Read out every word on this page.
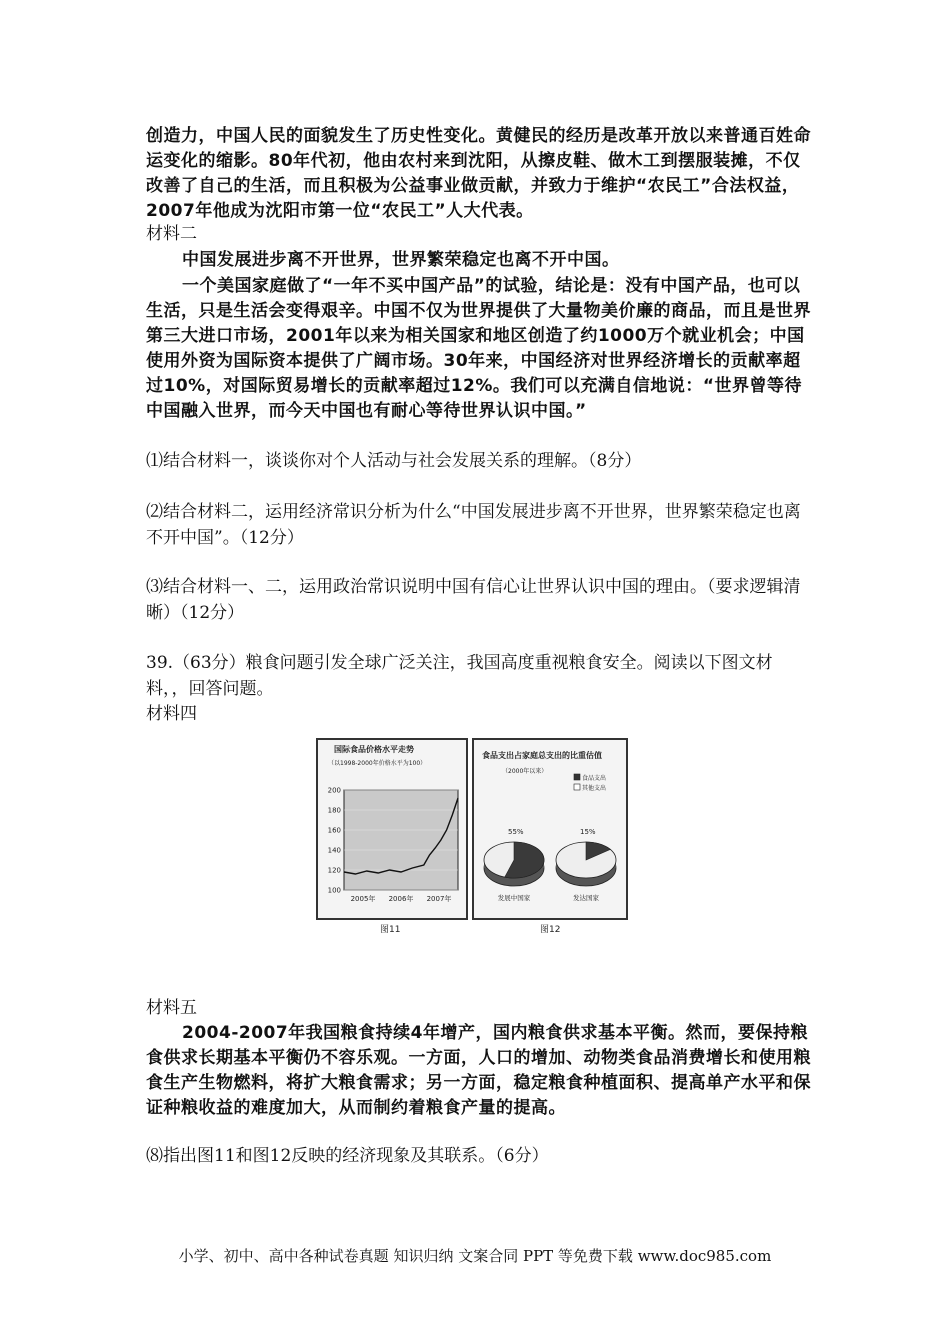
创造力，中国人民的面貌发生了历史性变化。黄健民的经历是改革开放以来普通百姓命运变化的缩影。80年代初，他由农村来到沈阳，从擦皮鞋、做木工到摆服装摊，不仅改善了自己的生活，而且积极为公益事业做贡献，并致力于维护“农民工”合法权益，2007年他成为沈阳市第一位“农民工”人大代表。

材料二

中国发展进步离不开世界，世界繁荣稳定也离不开中国。

一个美国家庭做了“一年不买中国产品”的试验，结论是：没有中国产品，也可以生活，只是生活会变得艰辛。中国不仅为世界提供了大量物美价廉的商品，而且是世界第三大进口市场，2001年以来为相关国家和地区创造了约1000万个就业机会；中国使用外资为国际资本提供了广阔市场。30年来，中国经济对世界经济增长的贡献率超过10%，对国际贸易增长的贡献率超过12%。我们可以充满自信地说：“世界曾等待中国融入世界，而今天中国也有耐心等待世界认识中国。”

⑴结合材料一，谈谈你对个人活动与社会发展关系的理解。（8分）
⑵结合材料二，运用经济常识分析为什么“中国发展进步离不开世界，世界繁荣稳定也离不开中国”。（12分）
⑶结合材料一、二，运用政治常识说明中国有信心让世界认识中国的理由。（要求逻辑清晰）（12分）
39.（63分）粮食问题引发全球广泛关注，我国高度重视粮食安全。阅读以下图文材料，，回答问题。
材料四
国际食品价格水平走势
（以1998-2000年价格水平为100）
100
120
140
160
180
200
2005年 2006年 2007年
食品支出占家庭总支出的比重估值
（2000年以来）
食品支出
其他支出
55%
发展中国家
15%
发达国家
图11	图12
材料五

2004-2007年我国粮食持续4年增产，国内粮食供求基本平衡。然而，要保持粮食供求长期基本平衡仍不容乐观。一方面，人口的增加、动物类食品消费增长和使用粮食生产生物燃料，将扩大粮食需求；另一方面，稳定粮食种植面积、提高单产水平和保证种粮收益的难度加大，从而制约着粮食产量的提高。

⑻指出图11和图12反映的经济现象及其联系。（6分）
小学、初中、高中各种试卷真题 知识归纳 文案合同 PPT 等免费下载 www.doc985.com
